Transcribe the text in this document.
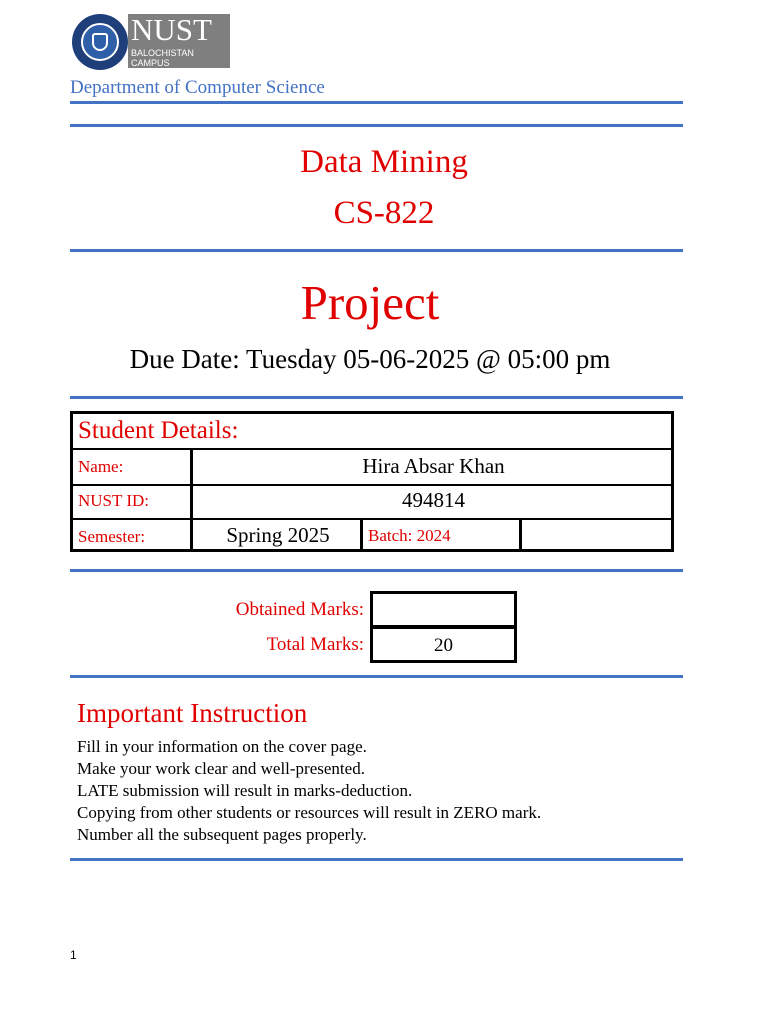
NUST
BALOCHISTAN
CAMPUS
Department of Computer Science
Data Mining
CS-822
Project
Due Date: Tuesday 05-06-2025 @ 05:00 pm
Student Details:
Name:	Hira Absar Khan
NUST ID:	494814
Semester:	Spring 2025	Batch: 2024
Obtained Marks:
Total Marks:	20
Important Instruction
Fill in your information on the cover page.
Make your work clear and well-presented.
LATE submission will result in marks-deduction.
Copying from other students or resources will result in ZERO mark.
Number all the subsequent pages properly.
1
